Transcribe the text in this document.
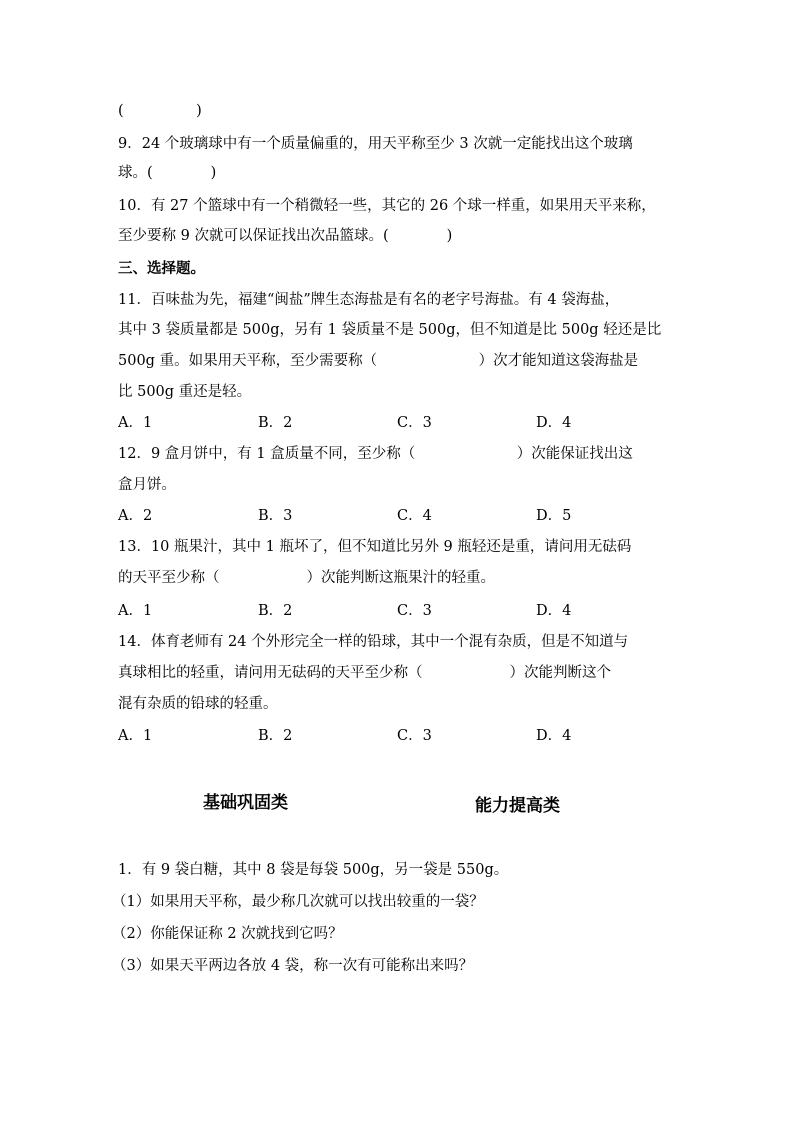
(　　　　　)
9．24 个玻璃球中有一个质量偏重的，用天平称至少 3 次就一定能找出这个玻璃
球。(　　　　)
10．有 27 个篮球中有一个稍微轻一些，其它的 26 个球一样重，如果用天平来称，
至少要称 9 次就可以保证找出次品篮球。(　　　　)
三、选择题。
11．百味盐为先，福建“闽盐”牌生态海盐是有名的老字号海盐。有 4 袋海盐，
其中 3 袋质量都是 500g，另有 1 袋质量不是 500g，但不知道是比 500g 轻还是比
500g 重。如果用天平称，至少需要称（　　　　　　　）次才能知道这袋海盐是
比 500g 重还是轻。
A．1	B．2	C．3	D．4
12．9 盒月饼中，有 1 盒质量不同，至少称（　　　　　　　）次能保证找出这
盒月饼。
A．2	B．3	C．4	D．5
13．10 瓶果汁，其中 1 瓶坏了，但不知道比另外 9 瓶轻还是重，请问用无砝码
的天平至少称（　　　　　　）次能判断这瓶果汁的轻重。
A．1	B．2	C．3	D．4
14．体育老师有 24 个外形完全一样的铅球，其中一个混有杂质，但是不知道与
真球相比的轻重，请问用无砝码的天平至少称（　　　　　　）次能判断这个
混有杂质的铅球的轻重。
A．1	B．2	C．3	D．4
基础巩固类	能力提高类
1．有 9 袋白糖，其中 8 袋是每袋 500g，另一袋是 550g。
（1）如果用天平称，最少称几次就可以找出较重的一袋？
（2）你能保证称 2 次就找到它吗？
（3）如果天平两边各放 4 袋，称一次有可能称出来吗？
